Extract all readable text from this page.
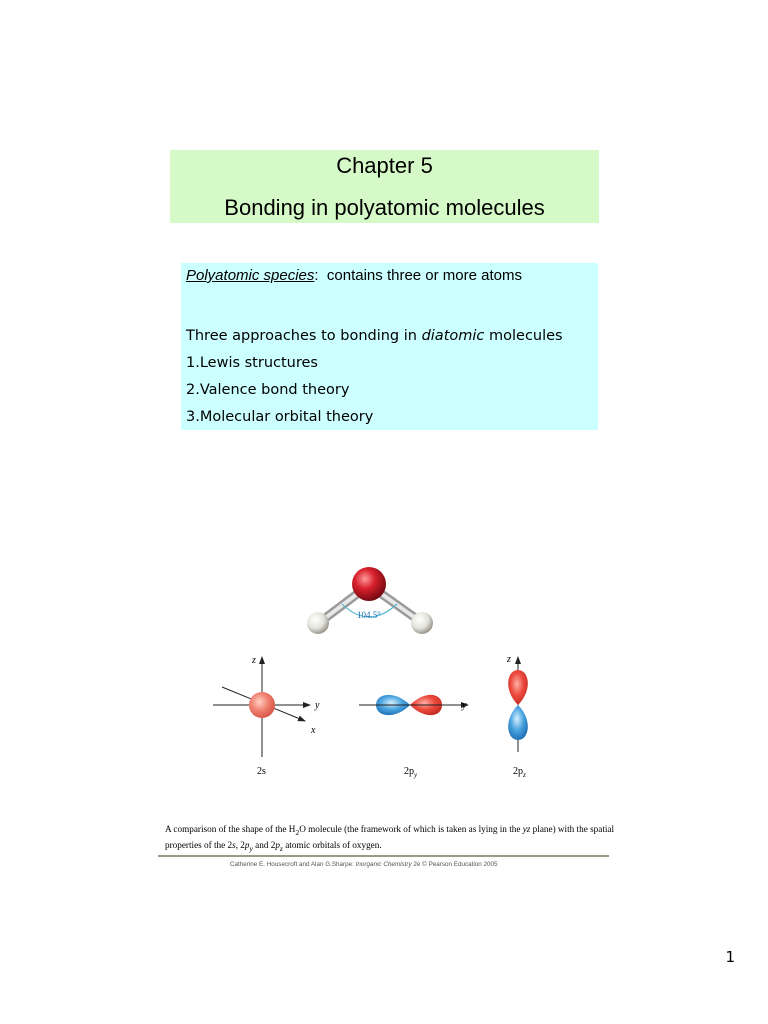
Chapter 5
Bonding in polyatomic molecules
Polyatomic species: contains three or more atoms
Three approaches to bonding in diatomic molecules
1.Lewis structures
2.Valence bond theory
3.Molecular orbital theory
104.5°
z
y
x
2s
y
$2p_y$
z
$2p_z$
A comparison of the shape of the $H_2O$ molecule (the framework of which is taken as lying in the yz plane) with the spatial properties of the 2s, $2p_y$ and $2p_z$ atomic orbitals of oxygen.
Catherine E. Housecroft and Alan G.Sharpe: Inorganic Chemistry 2e © Pearson Education 2005
1
